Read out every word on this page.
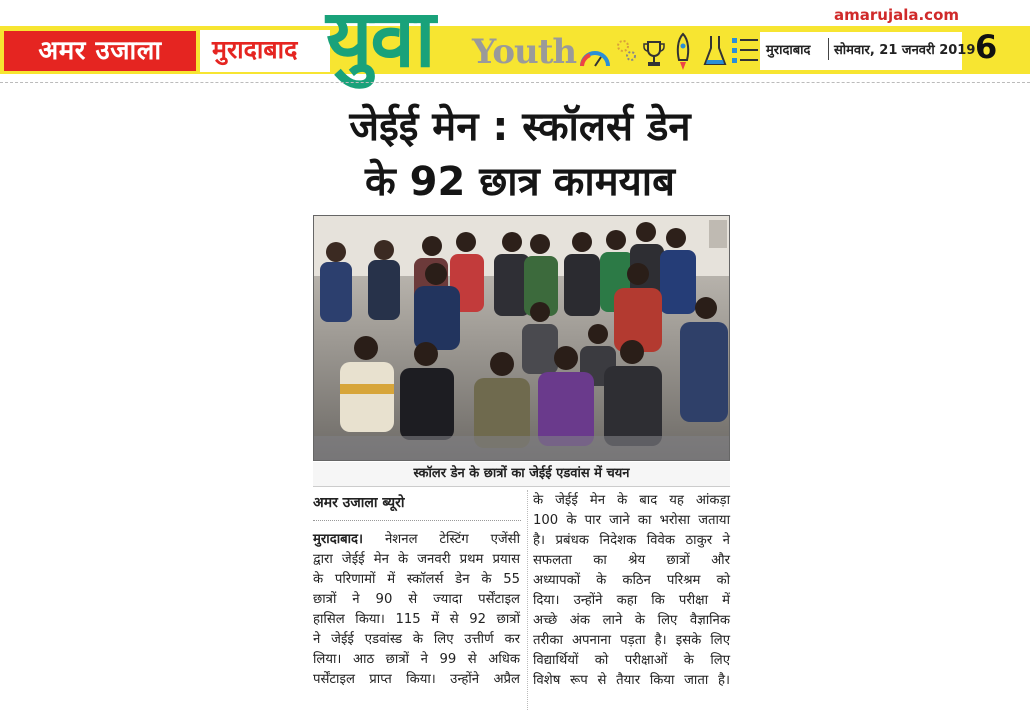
अमर उजाला	मुरादाबाद युवा Youth	मुरादाबाद सोमवार, 21 जनवरी 2019
amarujala.com
6
जेईई मेन : स्कॉलर्स डेन
के 92 छात्र कामयाब
स्कॉलर डेन के छात्रों का जेईई एडवांस में चयन
अमर उजाला ब्यूरो
मुरादाबाद। नेशनल टेस्टिंग एजेंसी
द्वारा जेईई मेन के जनवरी प्रथम प्रयास
के परिणामों में स्कॉलर्स डेन के 55
छात्रों ने 90 से ज्यादा पर्सेंटाइल
हासिल किया। 115 में से 92 छात्रों
ने जेईई एडवांस्ड के लिए उत्तीर्ण कर
लिया। आठ छात्रों ने 99 से अधिक
पर्सेंटाइल प्राप्त किया। उन्होंने अप्रैल
के जेईई मेन के बाद यह आंकड़ा
100 के पार जाने का भरोसा जताया
है। प्रबंधक निदेशक विवेक ठाकुर ने
सफलता का श्रेय छात्रों और
अध्यापकों के कठिन परिश्रम को
दिया। उन्होंने कहा कि परीक्षा में
अच्छे अंक लाने के लिए वैज्ञानिक
तरीका अपनाना पड़ता है। इसके लिए
विद्यार्थियों को परीक्षाओं के लिए
विशेष रूप से तैयार किया जाता है।
